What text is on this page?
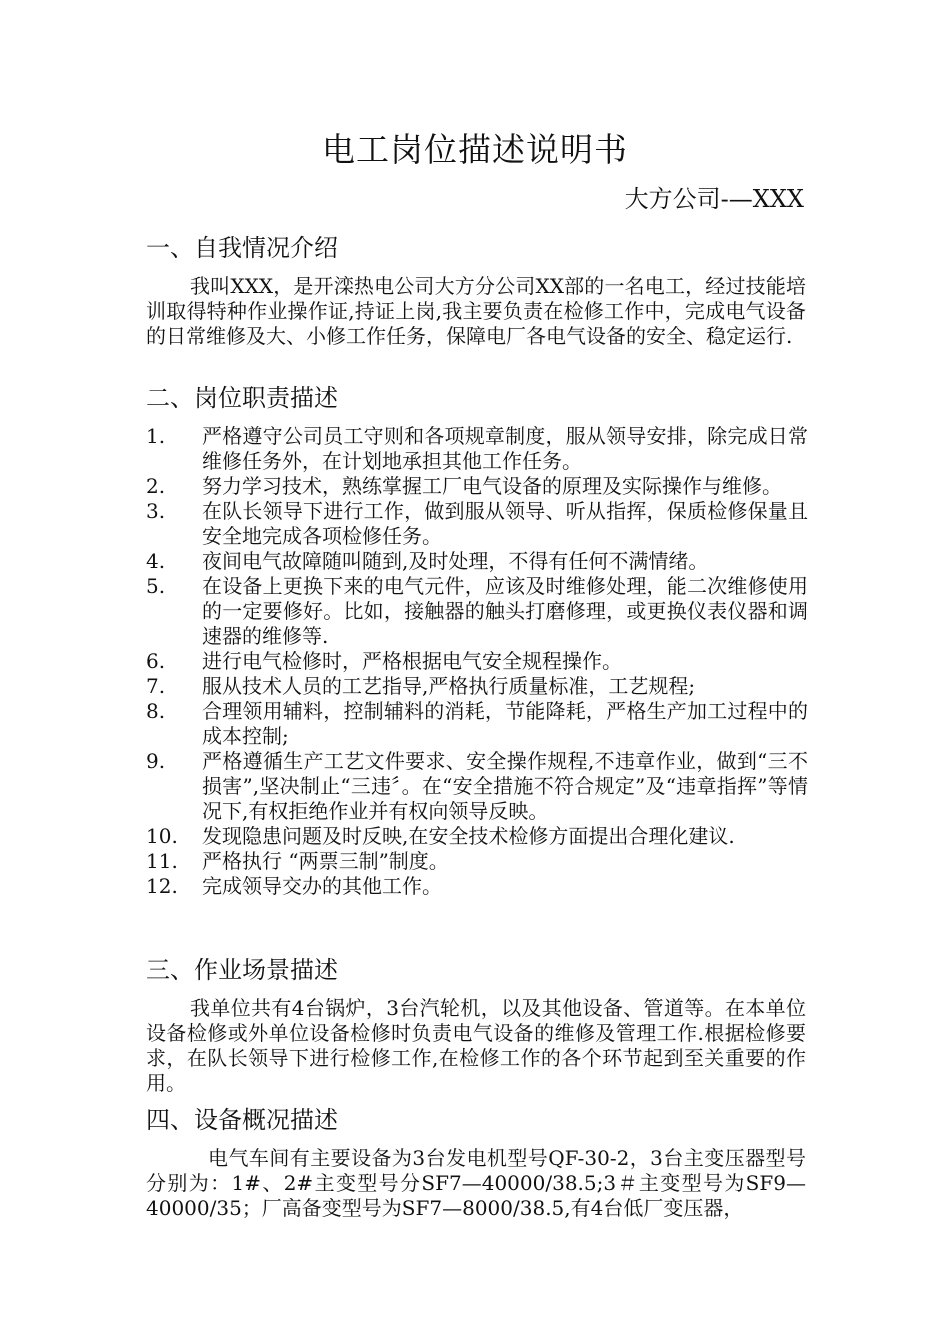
电工岗位描述说明书
大方公司-—XXX
一、自我情况介绍
我叫XXX，是开滦热电公司大方分公司XX部的一名电工，经过技能培训取得特种作业操作证,持证上岗,我主要负责在检修工作中，完成电气设备的日常维修及大、小修工作任务，保障电厂各电气设备的安全、稳定运行.
二、岗位职责描述
1.	严格遵守公司员工守则和各项规章制度，服从领导安排，除完成日常维修任务外，在计划地承担其他工作任务。
2.	努力学习技术，熟练掌握工厂电气设备的原理及实际操作与维修。
3.	在队长领导下进行工作，做到服从领导、听从指挥，保质检修保量且安全地完成各项检修任务。
4.	夜间电气故障随叫随到,及时处理，不得有任何不满情绪。
5.	在设备上更换下来的电气元件，应该及时维修处理，能二次维修使用的一定要修好。比如，接触器的触头打磨修理，或更换仪表仪器和调速器的维修等.
6.	进行电气检修时，严格根据电气安全规程操作。
7.	服从技术人员的工艺指导,严格执行质量标准，工艺规程;
8.	合理领用辅料，控制辅料的消耗，节能降耗，严格生产加工过程中的成本控制;
9.	严格遵循生产工艺文件要求、安全操作规程,不违章作业，做到“三不损害”,坚决制止“三违〞。在“安全措施不符合规定”及“违章指挥”等情况下,有权拒绝作业并有权向领导反映。
10.	发现隐患问题及时反映,在安全技术检修方面提出合理化建议.
11.	严格执行 “两票三制”制度。
12.	完成领导交办的其他工作。
三、作业场景描述
我单位共有4台锅炉，3台汽轮机，以及其他设备、管道等。在本单位设备检修或外单位设备检修时负责电气设备的维修及管理工作.根据检修要求，在队长领导下进行检修工作,在检修工作的各个环节起到至关重要的作用。
四、设备概况描述
电气车间有主要设备为3台发电机型号QF-30-2，3台主变压器型号分别为：1#、2#主变型号分SF7—40000/38.5;3＃主变型号为SF9—40000/35；厂高备变型号为SF7—8000/38.5,有4台低厂变压器，
